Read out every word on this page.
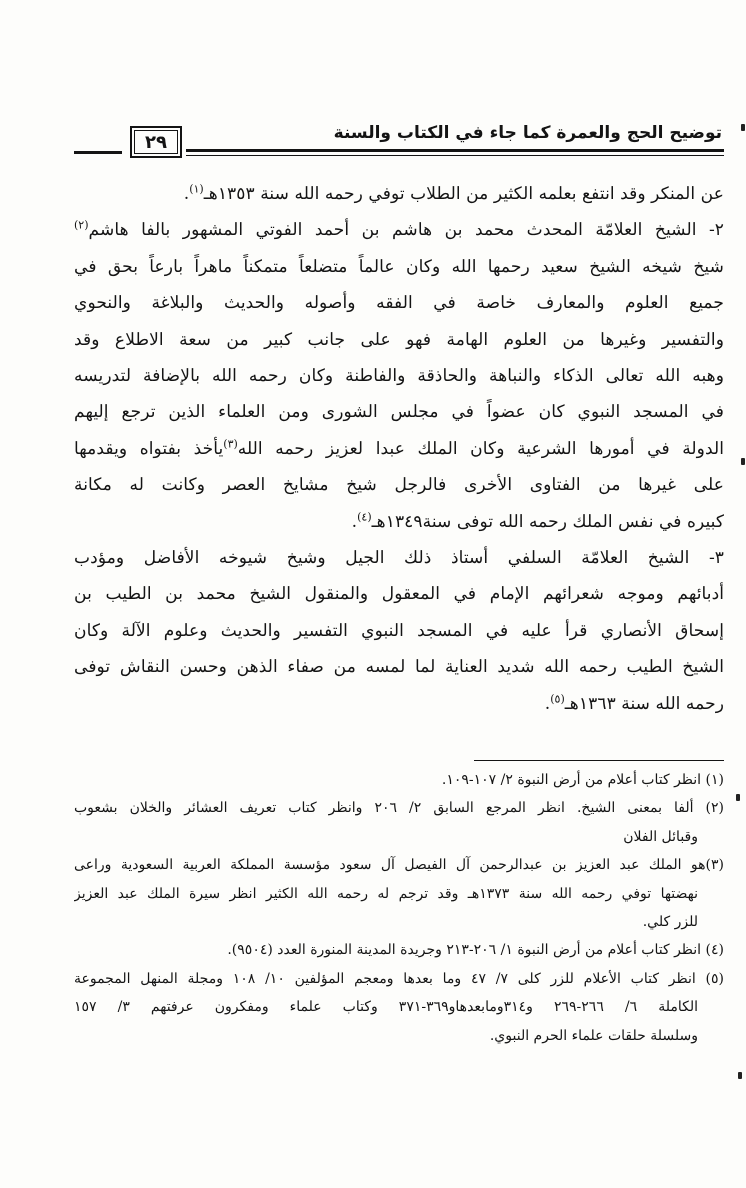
٢٩	توضيح الحج والعمرة كما جاء في الكتاب والسنة
عن المنكر وقد انتفع بعلمه الكثير من الطلاب توفي رحمه الله سنة ١٣٥٣هـ$^{(١)}$.
٢- الشيخ العلامّة المحدث محمد بن هاشم بن أحمد الفوتي المشهور بالفا هاشم$^{(٢)}$
شيخ شيخه الشيخ سعيد رحمها الله وكان عالماً متضلعاً متمكناً ماهراً بارعاً بحق في
جميع العلوم والمعارف خاصة في الفقه وأصوله والحديث والبلاغة والنحوي
والتفسير وغيرها من العلوم الهامة فهو على جانب كبير من سعة الاطلاع وقد
وهبه الله تعالى الذكاء والنباهة والحاذقة والفاطنة وكان رحمه الله بالإضافة لتدريسه
في المسجد النبوي كان عضواً في مجلس الشورى ومن العلماء الذين ترجع إليهم
الدولة في أمورها الشرعية وكان الملك عبدا لعزيز رحمه الله$^{(٣)}$يأخذ بفتواه ويقدمها
على غيرها من الفتاوى الأخرى فالرجل شيخ مشايخ العصر وكانت له مكانة
كبيره في نفس الملك رحمه الله توفى سنة١٣٤٩هـ$^{(٤)}$.
٣- الشيخ العلامّة السلفي أستاذ ذلك الجيل وشيخ شيوخه الأفاضل ومؤدب
أدبائهم وموجه شعرائهم الإمام في المعقول والمنقول الشيخ محمد بن الطيب بن
إسحاق الأنصاري قرأ عليه في المسجد النبوي التفسير والحديث وعلوم الآلة وكان
الشيخ الطيب رحمه الله شديد العناية لما لمسه من صفاء الذهن وحسن النقاش توفى
رحمه الله سنة ١٣٦٣هـ$^{(٥)}$.
(١) انظر كتاب أعلام من أرض النبوة ٢/ ١٠٧-١٠٩.
(٢) ألفا بمعنى الشيخ. انظر المرجع السابق ٢/ ٢٠٦ وانظر كتاب تعريف العشائر والخلان بشعوب
وقبائل الفلان
(٣)هو الملك عبد العزيز بن عبدالرحمن آل الفيصل آل سعود مؤسسة المملكة العربية السعودية وراعى
نهضتها توفي رحمه الله سنة ١٣٧٣هـ وقد ترجم له رحمه الله الكثير انظر سيرة الملك عبد العزيز
للزر كلي.
(٤) انظر كتاب أعلام من أرض النبوة ١/ ٢٠٦-٢١٣ وجريدة المدينة المنورة العدد (٩٥٠٤).
(٥) انظر كتاب الأعلام للزر كلى ٧/ ٤٧ وما بعدها ومعجم المؤلفين ١٠/ ١٠٨ ومجلة المنهل المجموعة
الكاملة ٦/ ٢٦٦-٢٦٩ و٣١٤ومابعدهاو٣٦٩-٣٧١ وكتاب علماء ومفكرون عرفتهم ٣/ ١٥٧
وسلسلة حلقات علماء الحرم النبوي.
